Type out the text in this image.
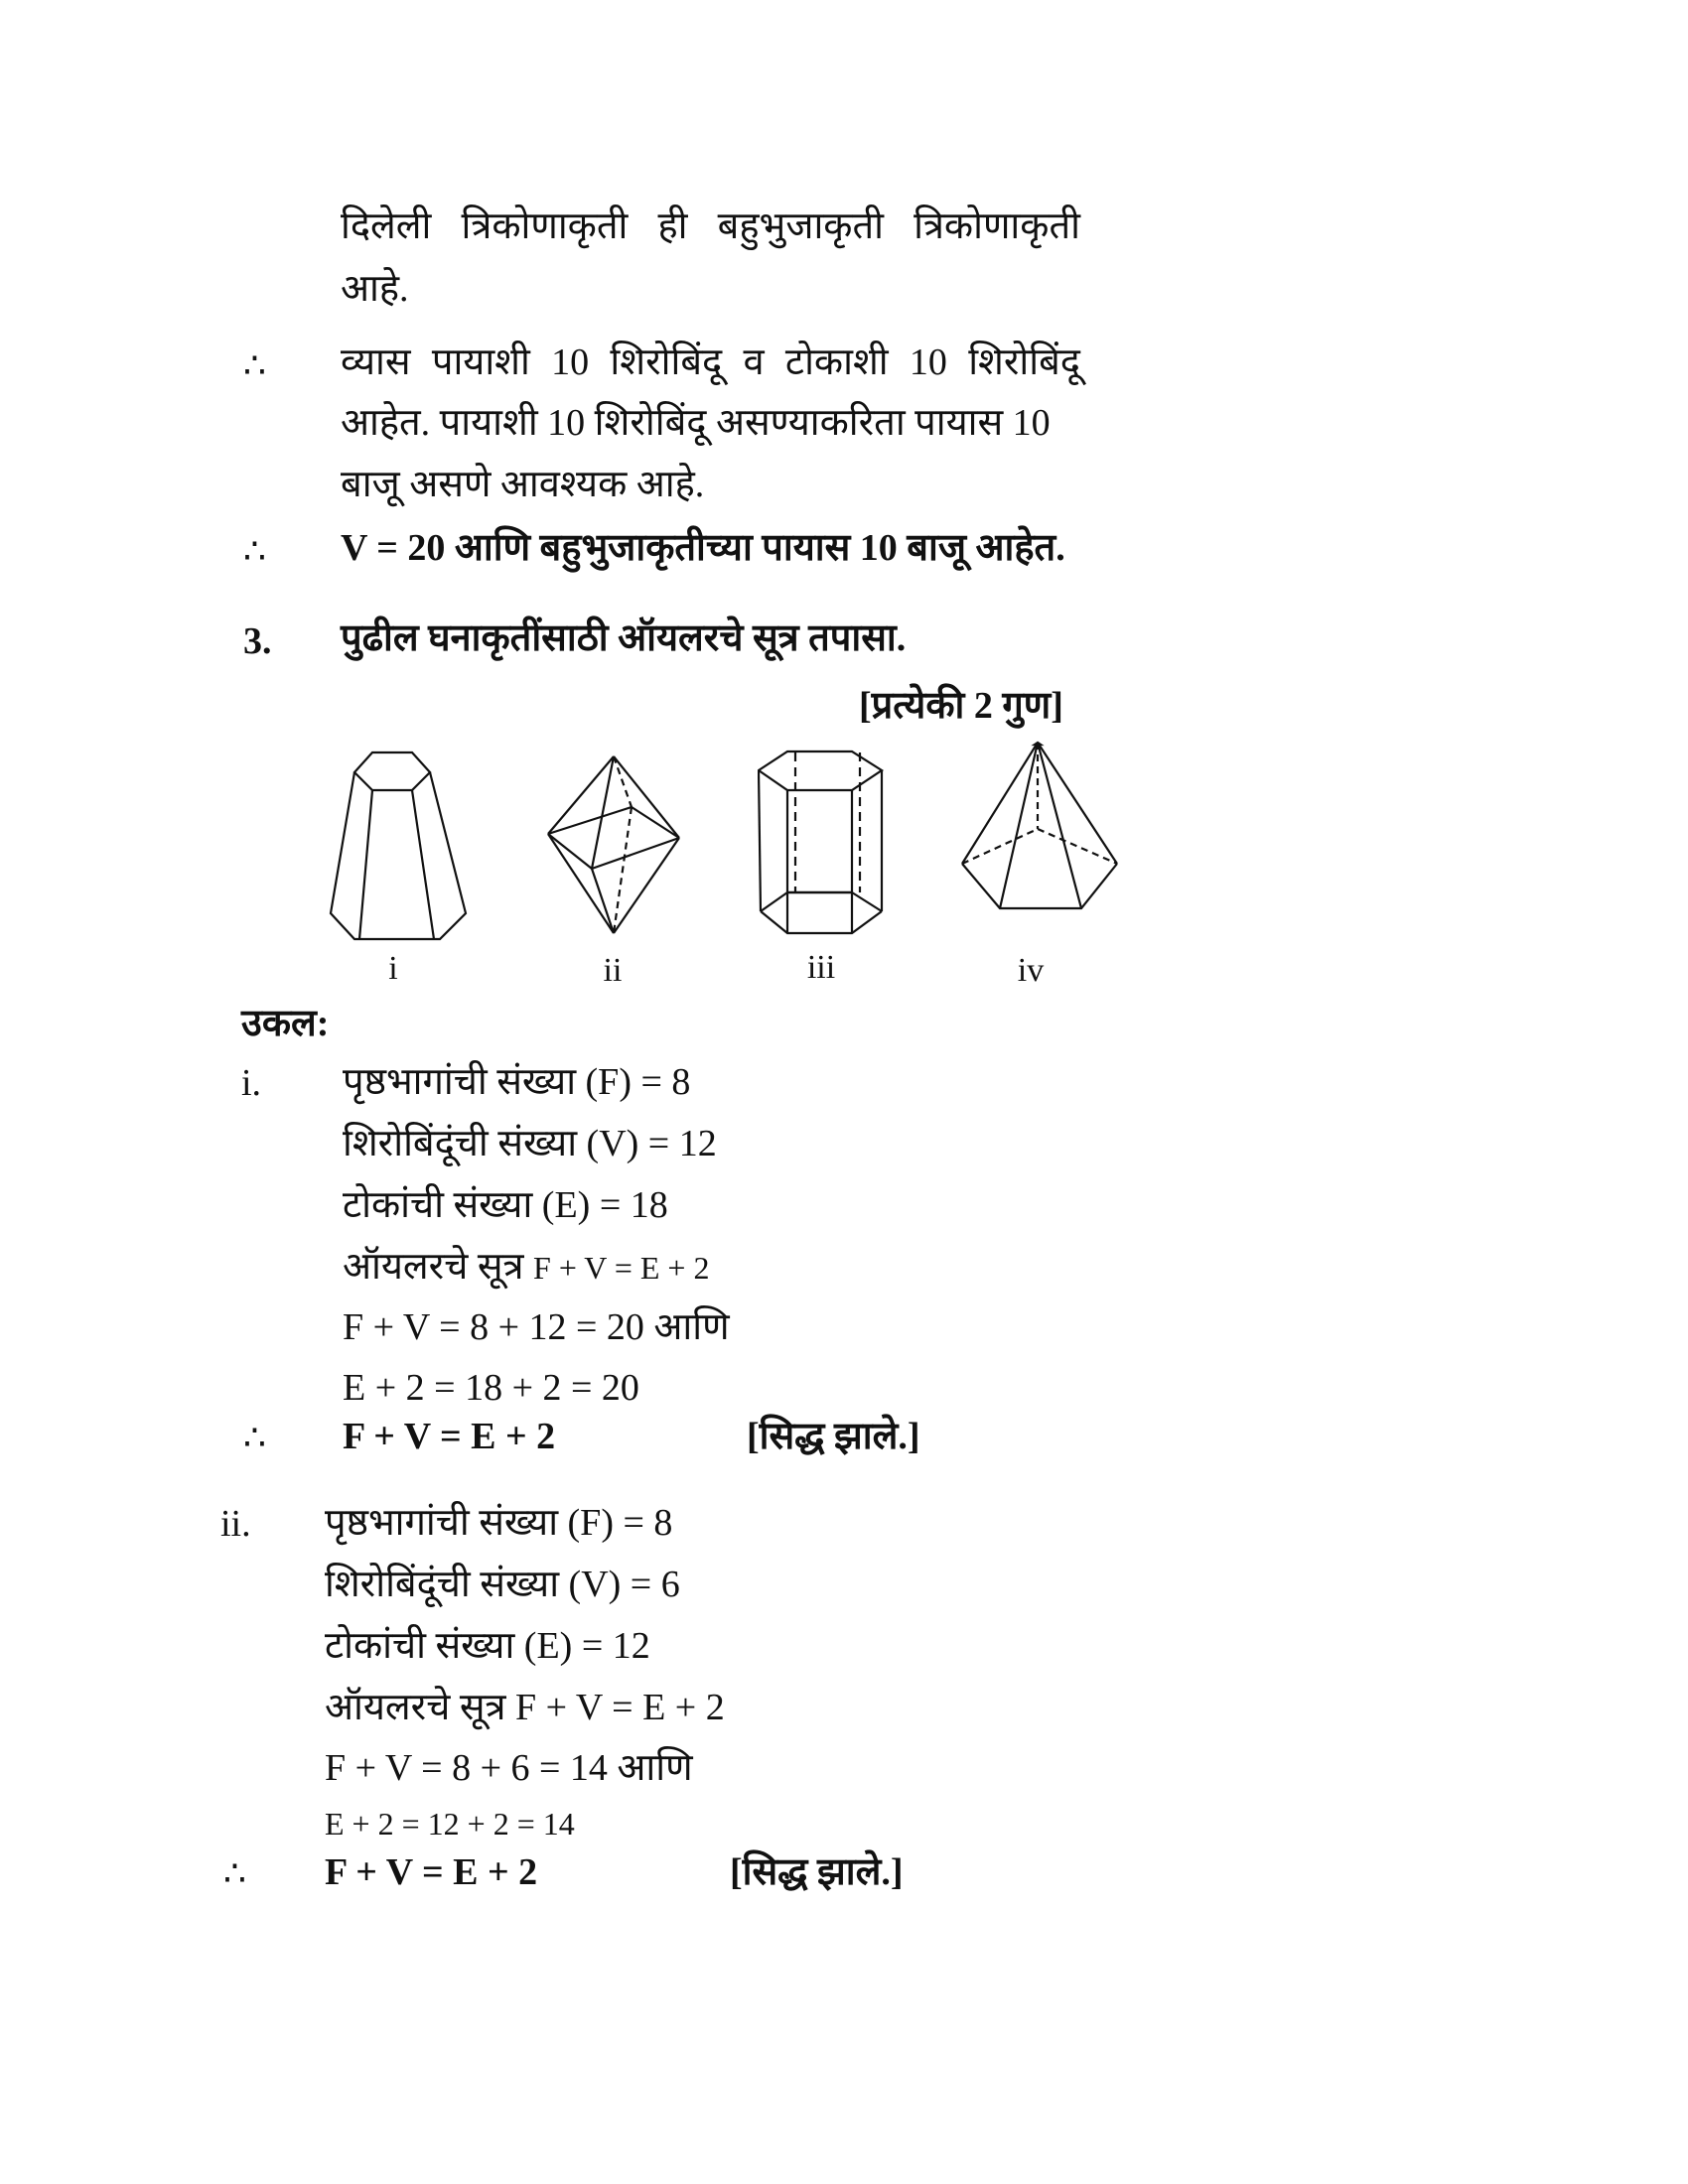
दिलेली त्रिकोणाकृती ही बहुभुजाकृती त्रिकोणाकृती
आहे.
∴ व्यास पायाशी 10 शिरोबिंदू व टोकाशी 10 शिरोबिंदू
आहेत. पायाशी 10 शिरोबिंदू असण्याकरिता पायास 10
बाजू असणे आवश्यक आहे.
∴ V = 20 आणि बहुभुजाकृतीच्या पायास 10 बाजू आहेत.
3. पुढील घनाकृतींसाठी ऑयलरचे सूत्र तपासा.
[प्रत्येकी 2 गुण]
i	ii	iii	iv
उकल:
i. पृष्ठभागांची संख्या (F) = 8
शिरोबिंदूंची संख्या (V) = 12
टोकांची संख्या (E) = 18
ऑयलरचे सूत्र F + V = E + 2
F + V = 8 + 12 = 20 आणि
E + 2 = 18 + 2 = 20
∴ F + V = E + 2	[सिद्ध झाले.]
ii. पृष्ठभागांची संख्या (F) = 8
शिरोबिंदूंची संख्या (V) = 6
टोकांची संख्या (E) = 12
ऑयलरचे सूत्र F + V = E + 2
F + V = 8 + 6 = 14 आणि
E + 2 = 12 + 2 = 14
∴ F + V = E + 2	[सिद्ध झाले.]
